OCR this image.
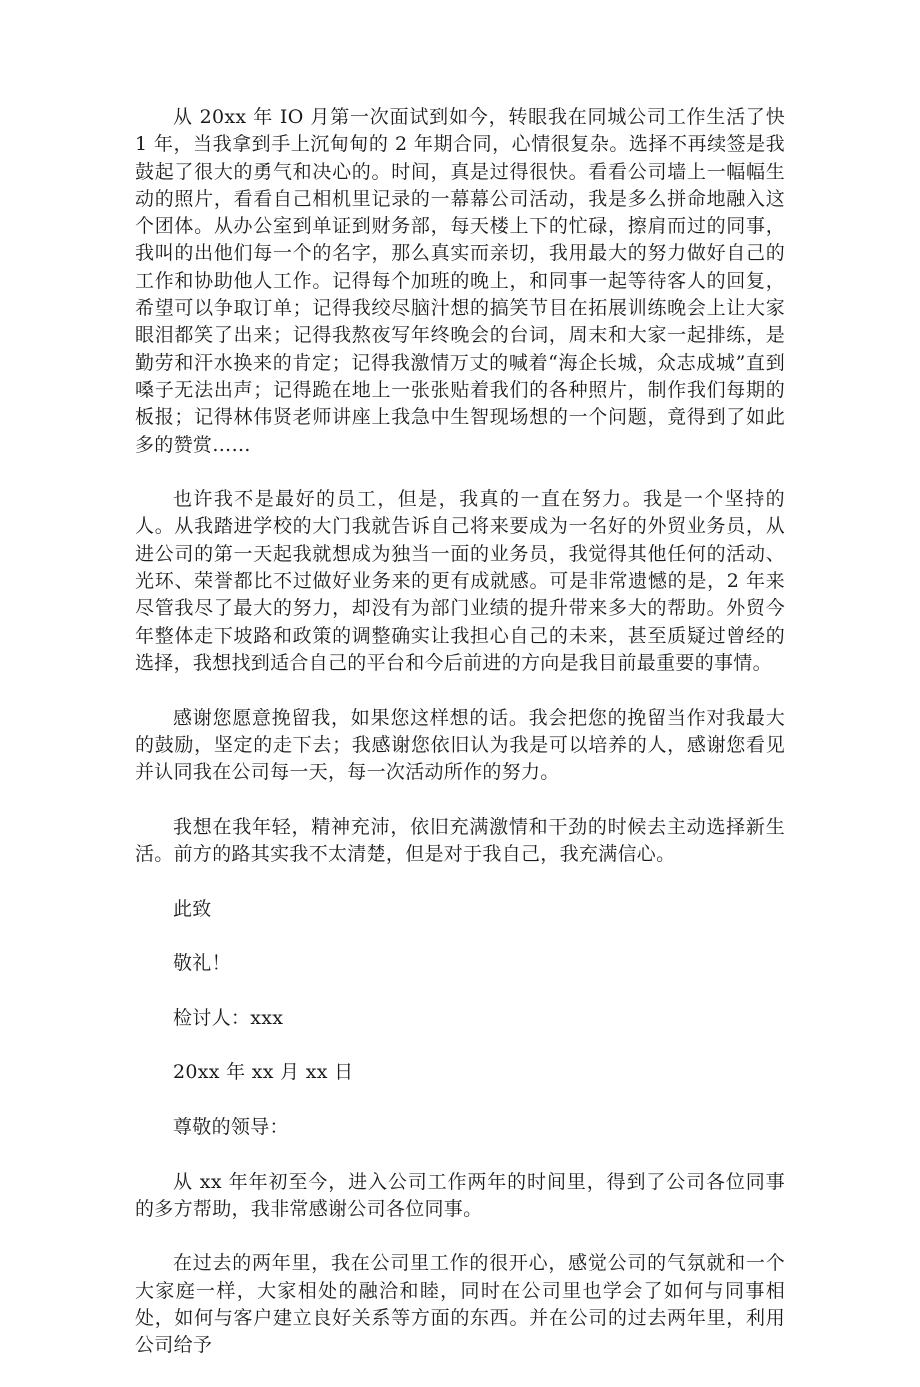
从 20xx 年 IO 月第一次面试到如今，转眼我在同城公司工作生活了快 1 年，当我拿到手上沉甸甸的 2 年期合同，心情很复杂。选择不再续签是我鼓起了很大的勇气和决心的。时间，真是过得很快。看看公司墙上一幅幅生动的照片，看看自己相机里记录的一幕幕公司活动，我是多么拼命地融入这个团体。从办公室到单证到财务部，每天楼上下的忙碌，擦肩而过的同事，我叫的出他们每一个的名字，那么真实而亲切，我用最大的努力做好自己的工作和协助他人工作。记得每个加班的晚上，和同事一起等待客人的回复，希望可以争取订单；记得我绞尽脑汁想的搞笑节目在拓展训练晚会上让大家眼泪都笑了出来；记得我熬夜写年终晚会的台词，周末和大家一起排练，是勤劳和汗水换来的肯定；记得我激情万丈的喊着“海企长城，众志成城”直到嗓子无法出声；记得跪在地上一张张贴着我们的各种照片，制作我们每期的板报；记得林伟贤老师讲座上我急中生智现场想的一个问题，竟得到了如此多的赞赏……

也许我不是最好的员工，但是，我真的一直在努力。我是一个坚持的人。从我踏进学校的大门我就告诉自己将来要成为一名好的外贸业务员，从进公司的第一天起我就想成为独当一面的业务员，我觉得其他任何的活动、光环、荣誉都比不过做好业务来的更有成就感。可是非常遗憾的是，2 年来尽管我尽了最大的努力，却没有为部门业绩的提升带来多大的帮助。外贸今年整体走下坡路和政策的调整确实让我担心自己的未来，甚至质疑过曾经的选择，我想找到适合自己的平台和今后前进的方向是我目前最重要的事情。

感谢您愿意挽留我，如果您这样想的话。我会把您的挽留当作对我最大的鼓励，坚定的走下去；我感谢您依旧认为我是可以培养的人，感谢您看见并认同我在公司每一天，每一次活动所作的努力。

我想在我年轻，精神充沛，依旧充满激情和干劲的时候去主动选择新生活。前方的路其实我不太清楚，但是对于我自己，我充满信心。

此致

敬礼！

检讨人：xxx

20xx 年 xx 月 xx 日

尊敬的领导：

从 xx 年年初至今，进入公司工作两年的时间里，得到了公司各位同事的多方帮助，我非常感谢公司各位同事。

在过去的两年里，我在公司里工作的很开心，感觉公司的气氛就和一个大家庭一样，大家相处的融洽和睦，同时在公司里也学会了如何与同事相处，如何与客户建立良好关系等方面的东西。并在公司的过去两年里，利用公司给予
